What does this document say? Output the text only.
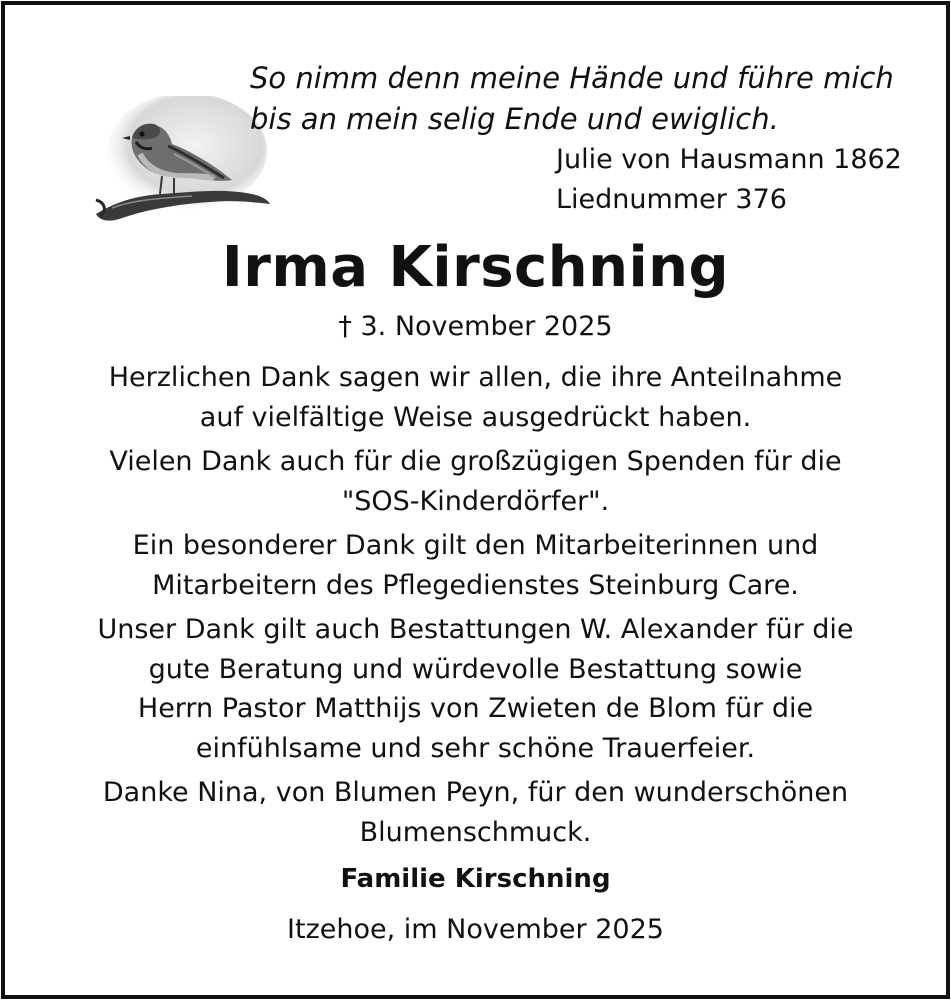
So nimm denn meine Hände und führe mich
bis an mein selig Ende und ewiglich.
Julie von Hausmann 1862
Liednummer 376
Irma Kirschning
† 3. November 2025
Herzlichen Dank sagen wir allen, die ihre Anteilnahme
auf vielfältige Weise ausgedrückt haben.
Vielen Dank auch für die großzügigen Spenden für die
"SOS-Kinderdörfer".
Ein besonderer Dank gilt den Mitarbeiterinnen und
Mitarbeitern des Pflegedienstes Steinburg Care.
Unser Dank gilt auch Bestattungen W. Alexander für die
gute Beratung und würdevolle Bestattung sowie
Herrn Pastor Matthijs von Zwieten de Blom für die
einfühlsame und sehr schöne Trauerfeier.
Danke Nina, von Blumen Peyn, für den wunderschönen
Blumenschmuck.
Familie Kirschning
Itzehoe, im November 2025
